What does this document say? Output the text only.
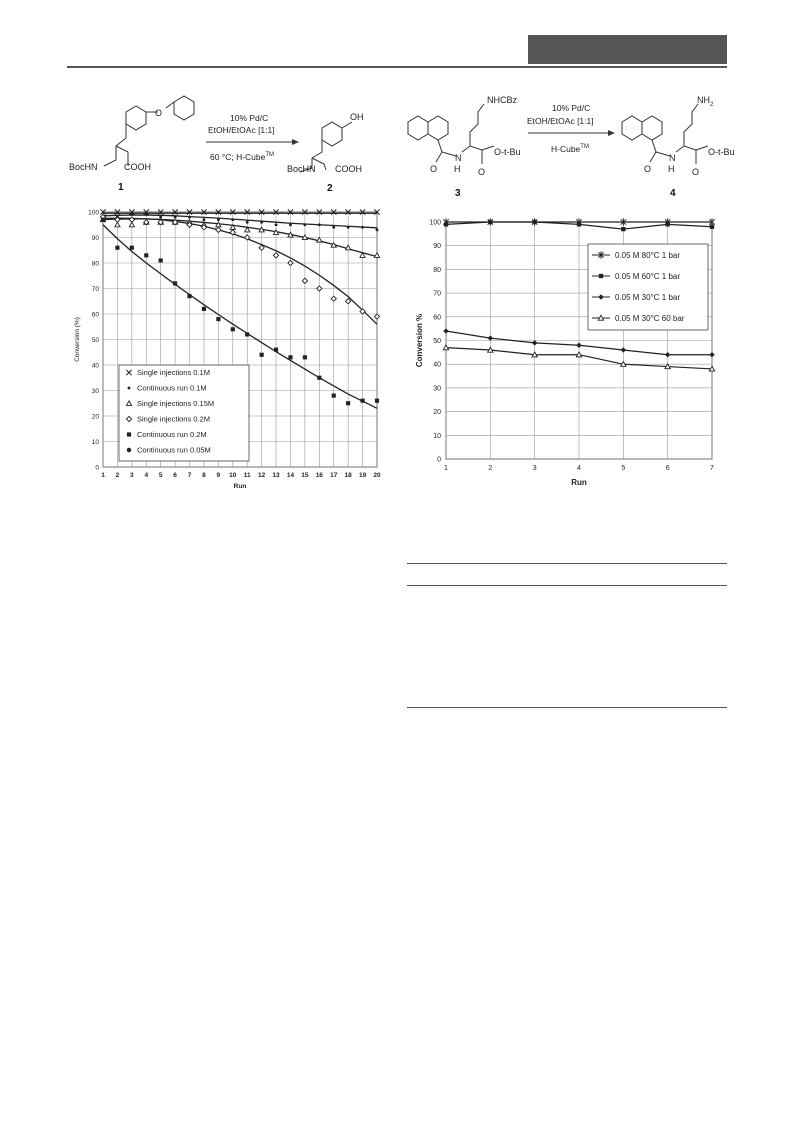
O
BocHN	COOH
1
10% Pd/C
EtOH/EtOAc [1:1]
60 °C; H-Cube™
OH
BocHN COOH
2
NHCBz
N
H
O	O
O-t-Bu
3
10% Pd/C
EtOH/EtOAc [1:1]
H-Cube™
$NH_2$
N
H
O	O
O-t-Bu
4
0
10
20
30
40
50
60
70
80
90
100
1 2 3 4 5 6 7 8 9 10 11 12 13 14 15 16 17 18 19 20
Run
Conversion (%)
Single injections 0.1M
Continuous run 0.1M
Single injections 0.15M
Single injections 0.2M
Continuous run 0.2M
Continuous run 0.05M
0
10
20
30
40
50
60
70
80
90
100
1	2	3	4	5	6	7
Run
Conversion %
0.05 M 80°C 1 bar
0.05 M 60°C 1 bar
0.05 M 30°C 1 bar
0.05 M 30°C 60 bar
